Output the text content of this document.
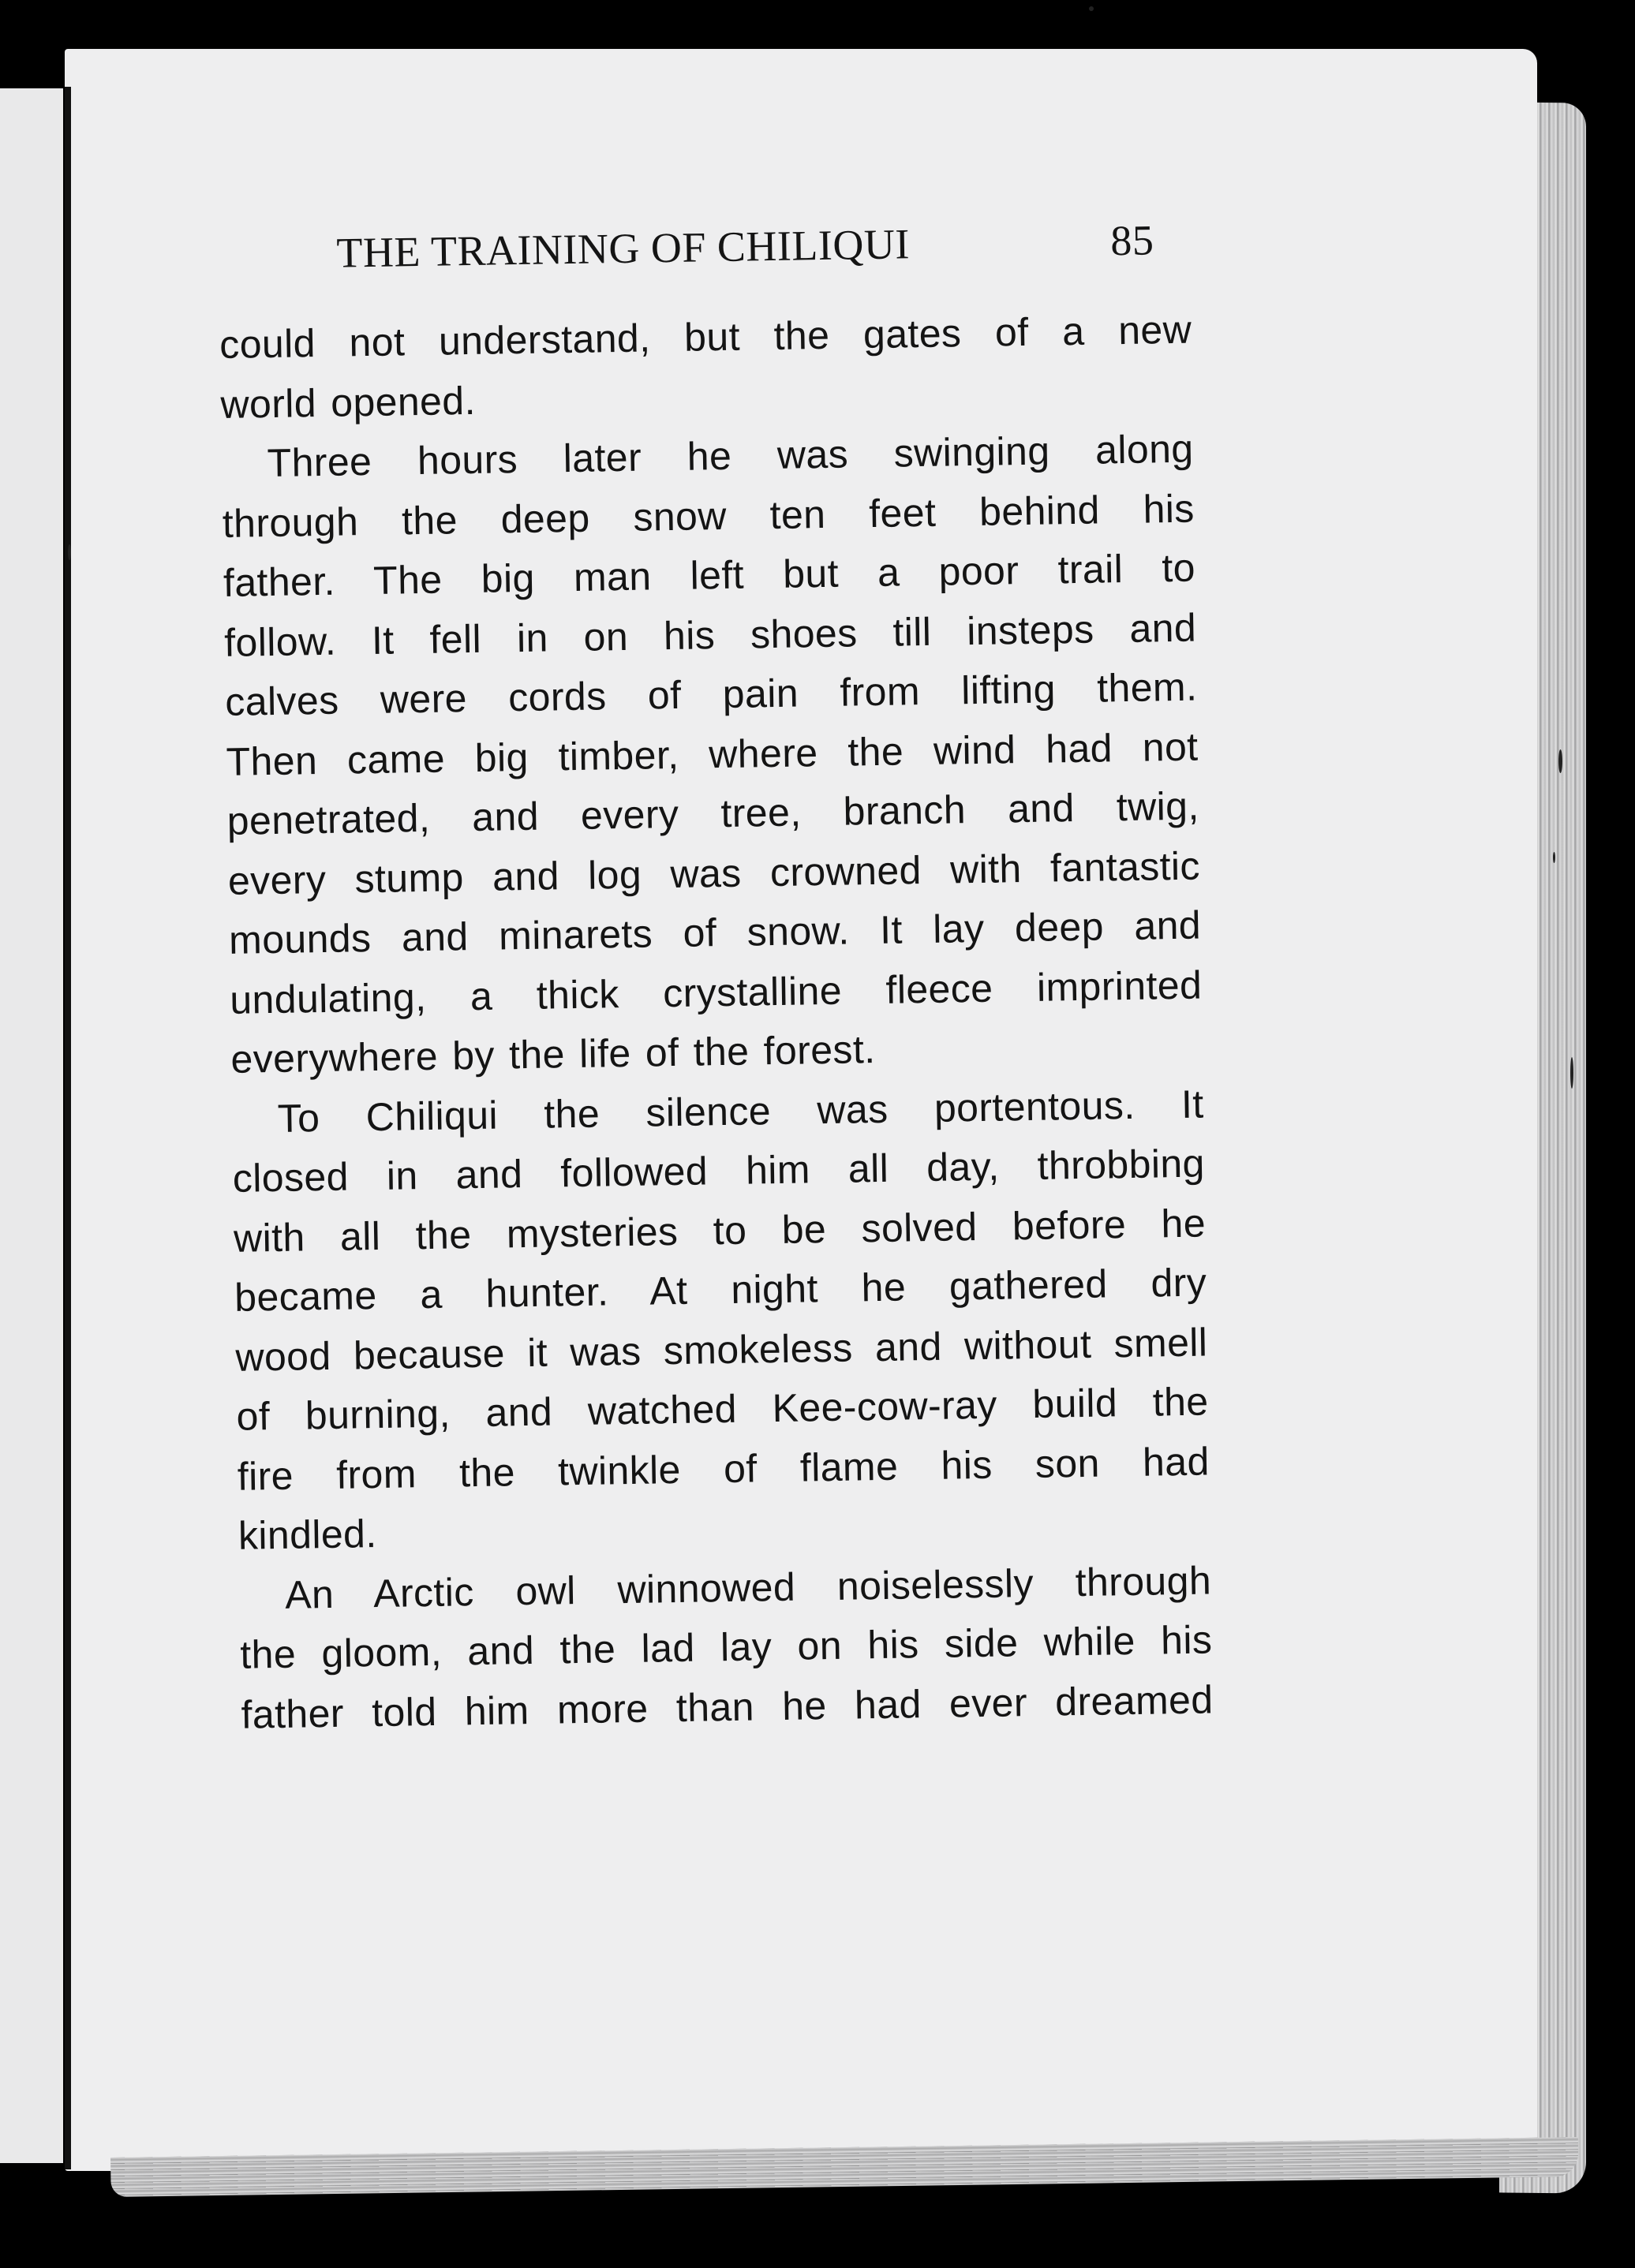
THE TRAINING OF CHILIQUI	85
could not understand, but the gates of a new
world opened.
Three hours later he was swinging along
through the deep snow ten feet behind his
father. The big man left but a poor trail to
follow. It fell in on his shoes till insteps and
calves were cords of pain from lifting them.
Then came big timber, where the wind had not
penetrated, and every tree, branch and twig,
every stump and log was crowned with fantastic
mounds and minarets of snow. It lay deep and
undulating, a thick crystalline fleece imprinted
everywhere by the life of the forest.
To Chiliqui the silence was portentous. It
closed in and followed him all day, throbbing
with all the mysteries to be solved before he
became a hunter. At night he gathered dry
wood because it was smokeless and without smell
of burning, and watched Kee-cow-ray build the
fire from the twinkle of flame his son had
kindled.
An Arctic owl winnowed noiselessly through
the gloom, and the lad lay on his side while his
father told him more than he had ever dreamed
